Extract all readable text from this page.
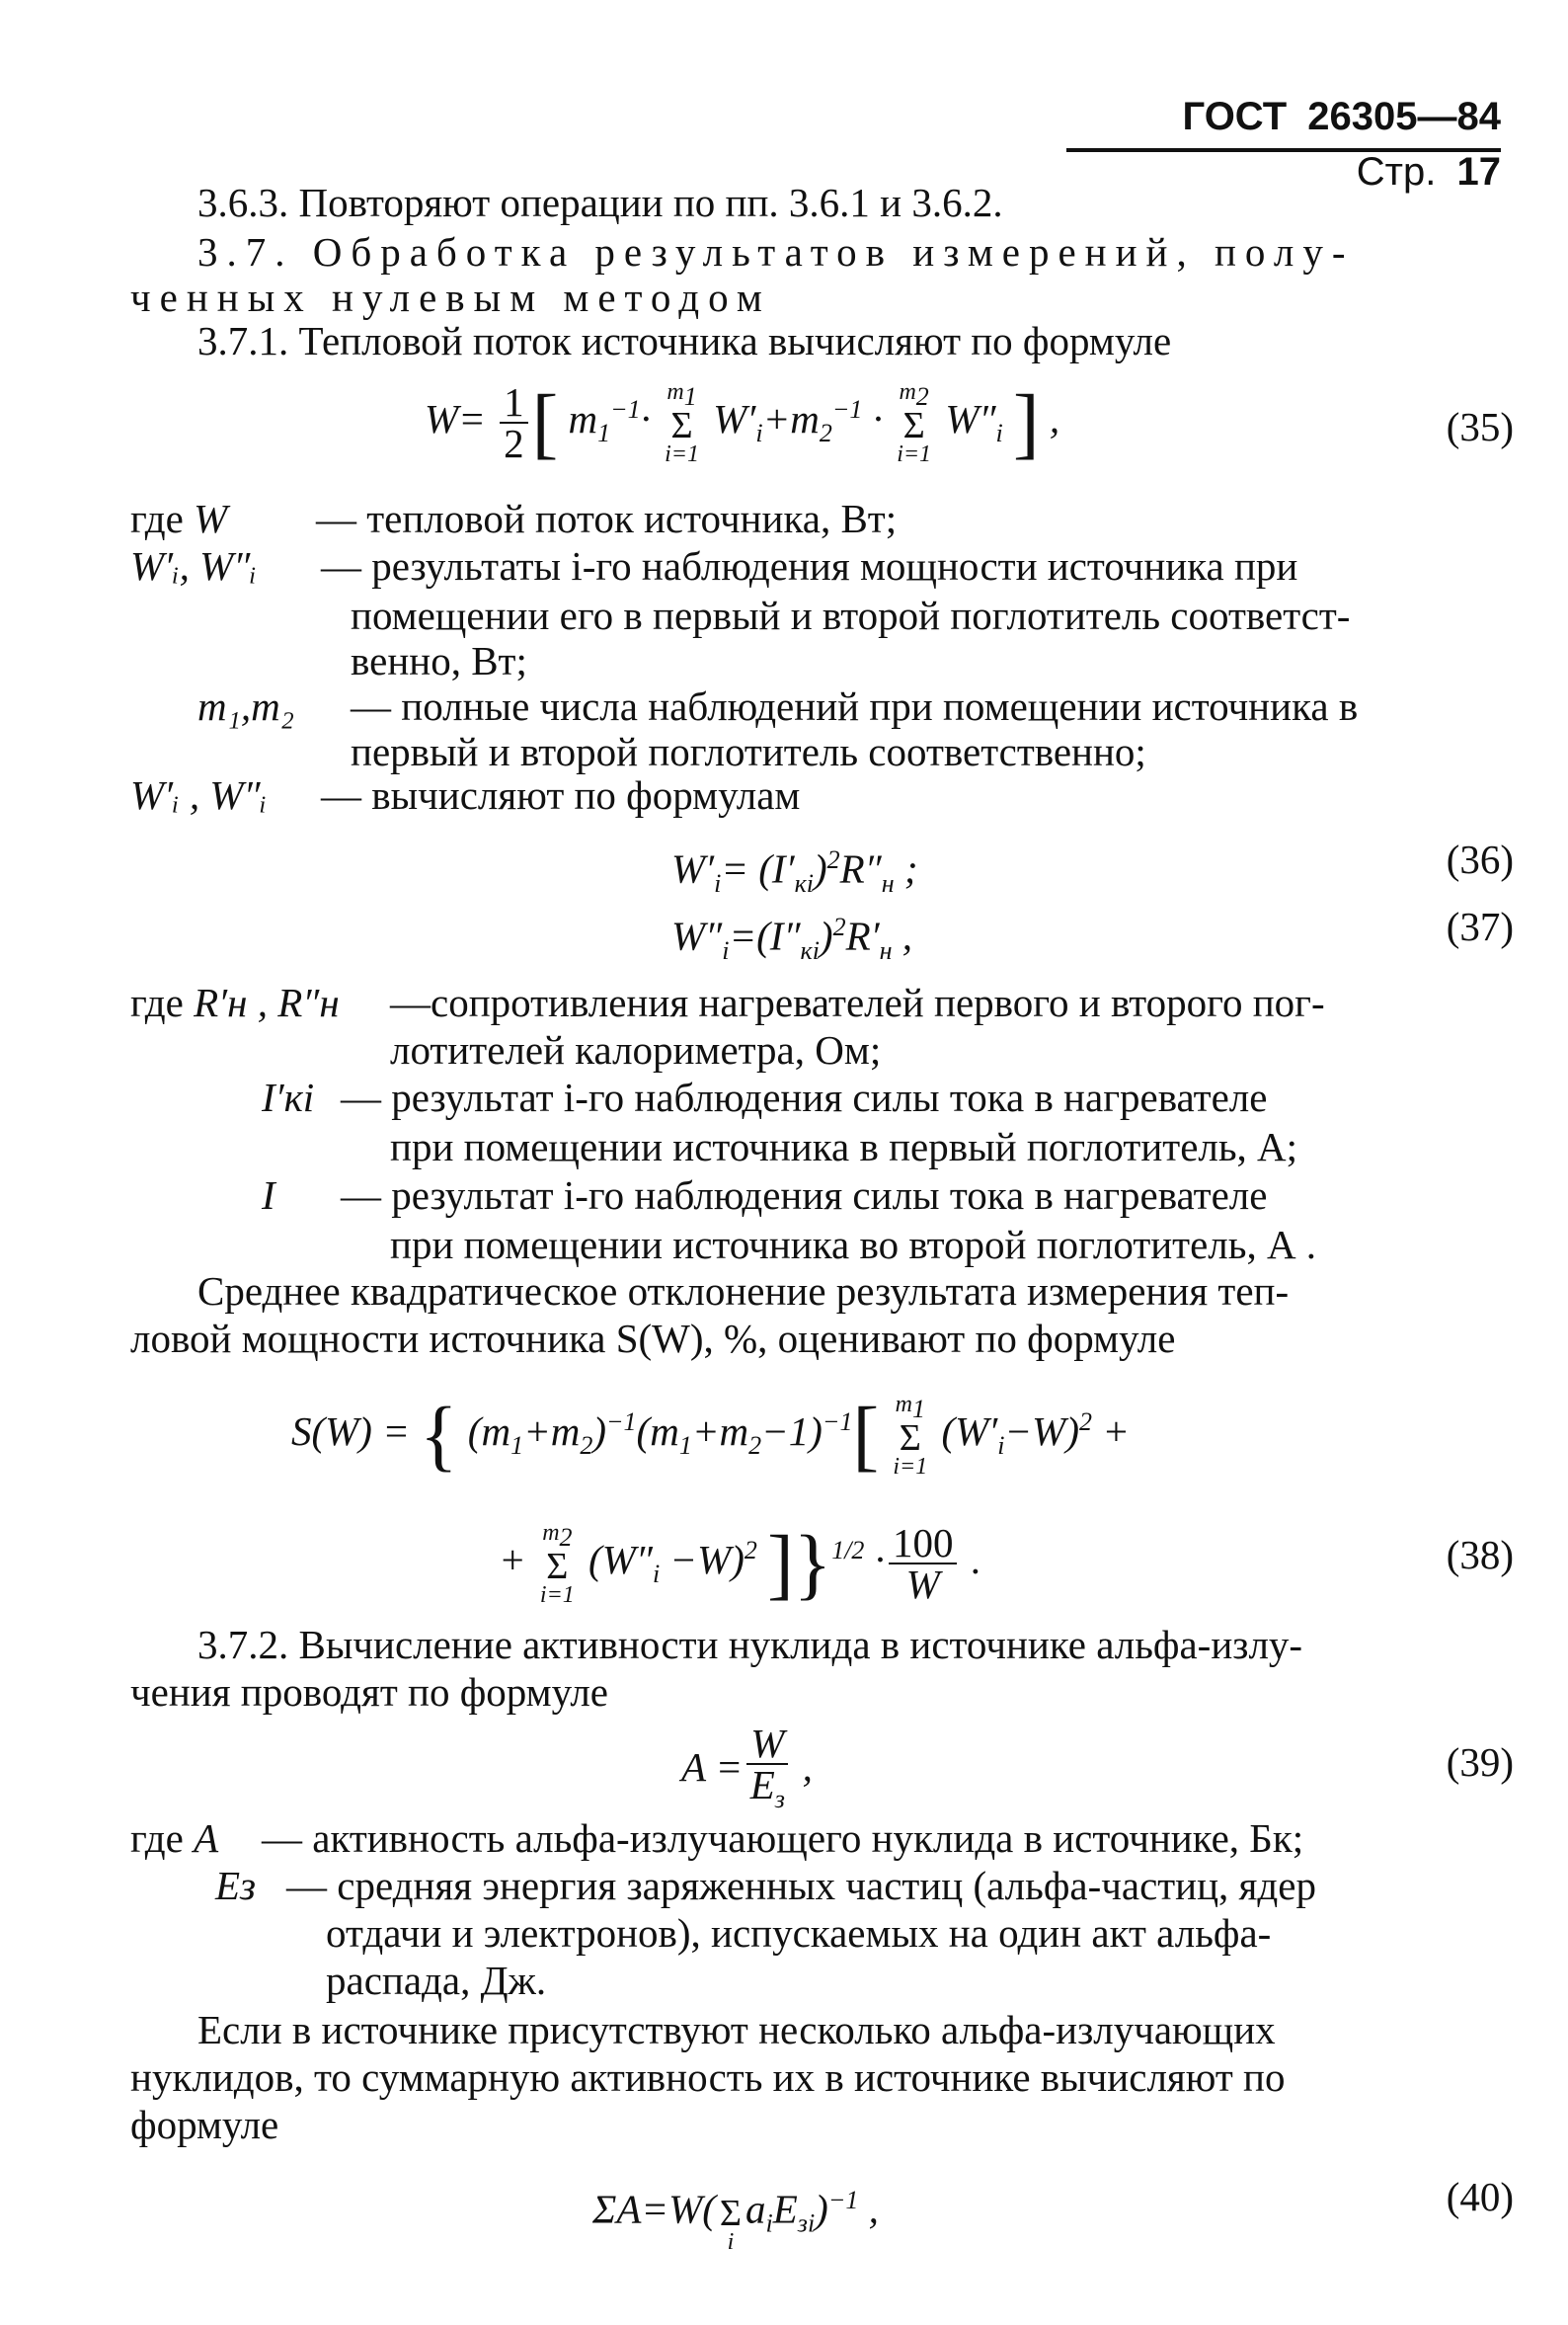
ГОСТ 26305—84 Стр. 17
3.6.3. Повторяют операции по пп. 3.6.1 и 3.6.2.
3.7. Обработка результатов измерений, полу-
ченных нулевым методом
3.7.1. Тепловой поток источника вычисляют по формуле
$W= \frac{1}{2}$ [ $m_1^{-1}\cdot m_1$
Σ
i=1 $W'_i+m_2^{-1} \cdot m_2$
Σ
i=1 $W''_i$ ] ,	(35)
где W — тепловой поток источника, Вт;
W′ᵢ, W″ᵢ — результаты i-го наблюдения мощности источника при
помещении его в первый и второй поглотитель соответст-
венно, Вт;
m₁,m₂ — полные числа наблюдений при помещении источника в
первый и второй поглотитель соответственно;
W′ᵢ , W″ᵢ — вычисляют по формулам
$W'_i= (I'_{кi})^2R''_н$ ;	(36)
$W''_i=(I''_{кi})^2R'_н$ ,	(37)
где R′н , R″н —сопротивления нагревателей первого и второго пог-
лотителей калориметра, Ом;
I′кi — результат i-го наблюдения силы тока в нагревателе
при помещении источника в первый поглотитель, А;
I — результат i-го наблюдения силы тока в нагревателе
при помещении источника во второй поглотитель, А .
Среднее квадратическое отклонение результата измерения теп-
ловой мощности источника S(W), %, оценивают по формуле
S(W) = { $(m_1+m_2)^{-1}(m_1+m_2-1)^{-1}$[ $m_1$
Σ
i=1 $(W'_i-W)^2$ +
+ $m_2$
Σ
i=1 $(W''_i -W)^2$ ]}$^{1/2} \cdot \frac{100}{W}$ .	(38)
3.7.2. Вычисление активности нуклида в источнике альфа-излу-
чения проводят по формуле
$A = \frac{W}{E_з}$ ,	(39)
где A — активность альфа-излучающего нуклида в источнике, Бк;
Eз — средняя энергия заряженных частиц (альфа-частиц, ядер
отдачи и электронов), испускаемых на один акт альфа-
распада, Дж.
Если в источнике присутствуют несколько альфа-излучающих
нуклидов, то суммарную активность их в источнике вычисляют по
формуле
ΣA=W( Σ
$ia_iE_{зi})^{-1}$ ,	(40)
